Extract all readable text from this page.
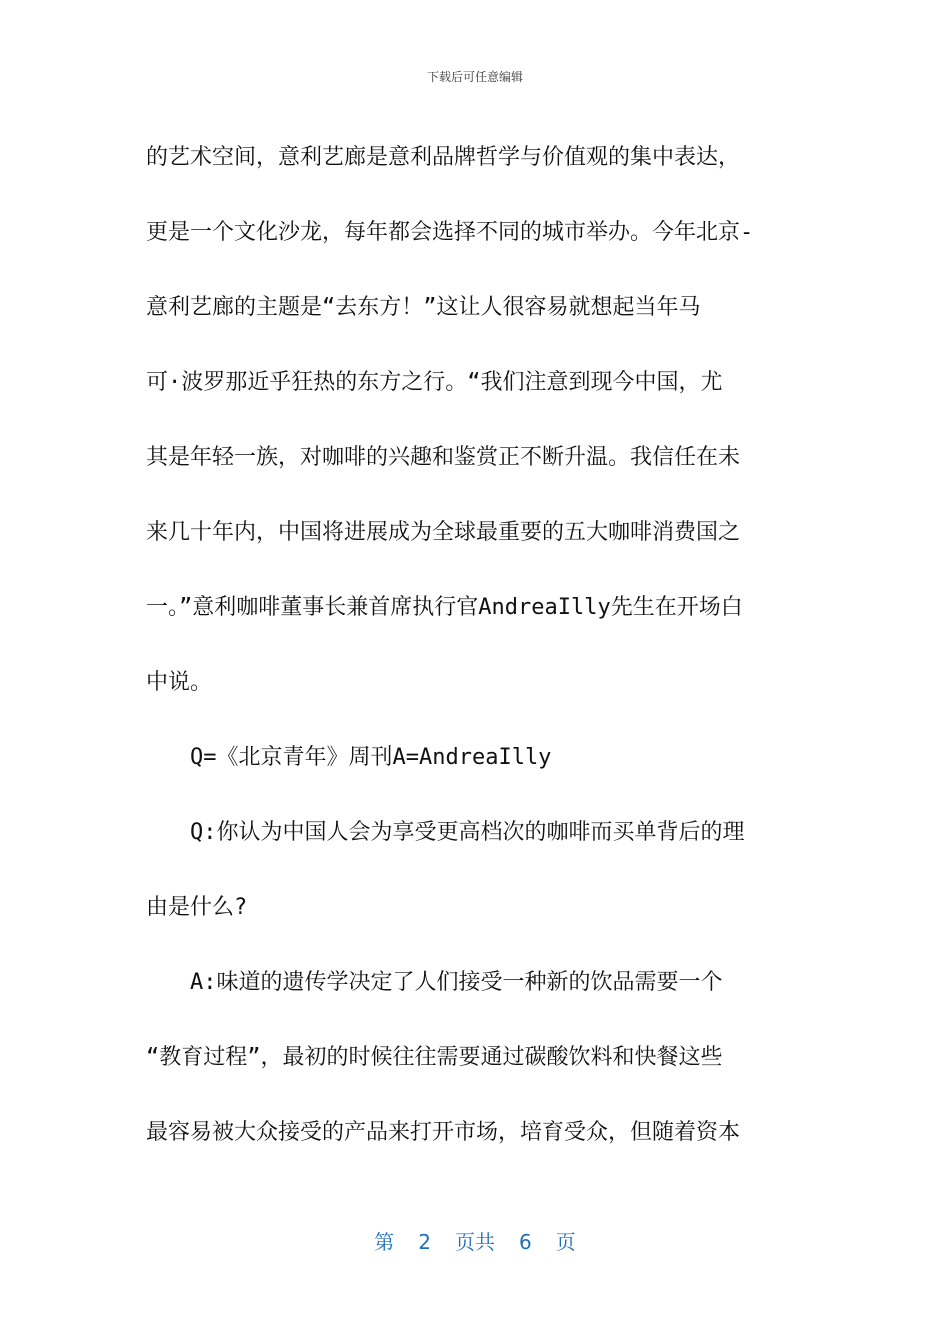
下载后可任意编辑
的艺术空间，意利艺廊是意利品牌哲学与价值观的集中表达，
更是一个文化沙龙，每年都会选择不同的城市举办。今年北京-
意利艺廊的主题是“去东方！”这让人很容易就想起当年马
可·波罗那近乎狂热的东方之行。“我们注意到现今中国，尤
其是年轻一族，对咖啡的兴趣和鉴赏正不断升温。我信任在未
来几十年内，中国将进展成为全球最重要的五大咖啡消费国之
一。”意利咖啡董事长兼首席执行官AndreaIlly先生在开场白
中说。
Q=《北京青年》周刊A=AndreaIlly
Q:你认为中国人会为享受更高档次的咖啡而买单背后的理
由是什么?
A:味道的遗传学决定了人们接受一种新的饮品需要一个
“教育过程”，最初的时候往往需要通过碳酸饮料和快餐这些
最容易被大众接受的产品来打开市场，培育受众，但随着资本
第 2 页共 6 页
